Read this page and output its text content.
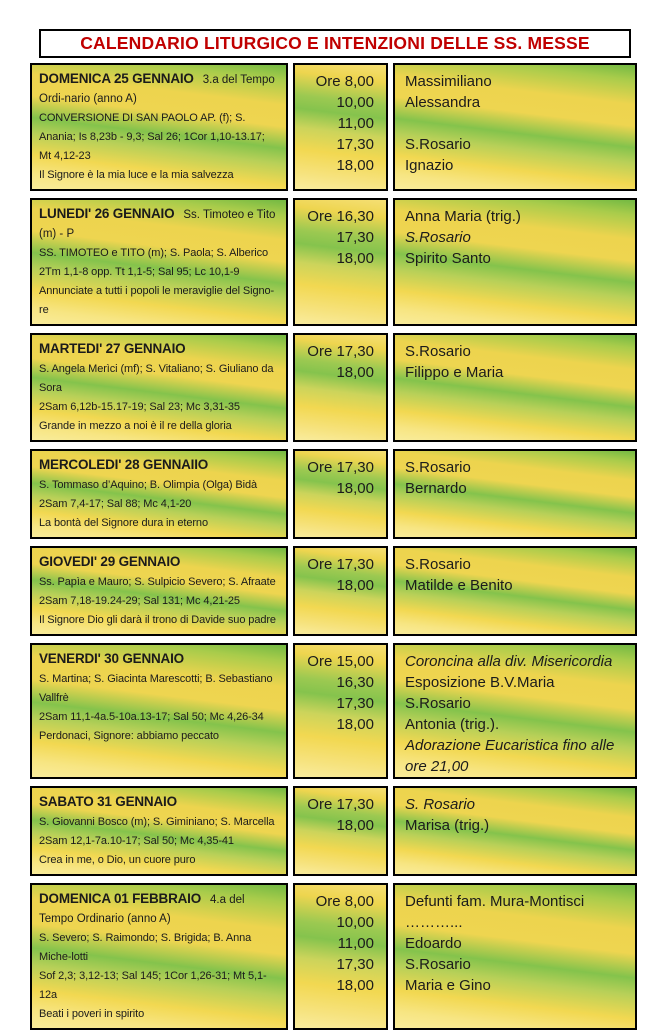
CALENDARIO LITURGICO E INTENZIONI DELLE SS. MESSE
DOMENICA 25 GENNAIO 3.a del Tempo Ordi-nario (anno A)
CONVERSIONE DI SAN PAOLO AP. (f); S. Anania; Is 8,23b - 9,3; Sal 26; 1Cor 1,10-13.17; Mt 4,12-23
Il Signore è la mia luce e la mia salvezza
Ore 8,00
10,00
11,00
17,30
18,00
Massimiliano
Alessandra
S.Rosario
Ignazio
LUNEDI' 26 GENNAIO Ss. Timoteo e Tito (m) - P
SS. TIMOTEO e TITO (m); S. Paola; S. Alberico
2Tm 1,1-8 opp. Tt 1,1-5; Sal 95; Lc 10,1-9
Annunciate a tutti i popoli le meraviglie del Signo-re
Ore 16,30
17,30
18,00
Anna Maria (trig.)
S.Rosario
Spirito Santo
MARTEDI' 27 GENNAIO
S. Angela Merìci (mf); S. Vitaliano; S. Giuliano da Sora
2Sam 6,12b-15.17-19; Sal 23; Mc 3,31-35
Grande in mezzo a noi è il re della gloria
Ore 17,30
18,00
S.Rosario
Filippo e Maria
MERCOLEDI' 28 GENNAIIO
S. Tommaso d’Aquino; B. Olimpia (Olga) Bidà
2Sam 7,4-17; Sal 88; Mc 4,1-20
La bontà del Signore dura in eterno
Ore 17,30
18,00
S.Rosario
Bernardo
GIOVEDI' 29 GENNAIO
Ss. Papìa e Mauro; S. Sulpicio Severo; S. Afraate
2Sam 7,18-19.24-29; Sal 131; Mc 4,21-25
Il Signore Dio gli darà il trono di Davide suo padre
Ore 17,30
18,00
S.Rosario
Matilde e Benito
VENERDI' 30 GENNAIO
S. Martina; S. Giacinta Marescotti; B. Sebastiano Vallfrè
2Sam 11,1-4a.5-10a.13-17; Sal 50; Mc 4,26-34
Perdonaci, Signore: abbiamo peccato
Ore 15,00
16,30
17,30
18,00
Coroncina alla div. Misericordia
Esposizione B.V.Maria
S.Rosario
Antonia (trig.).
Adorazione Eucaristica fino alle ore 21,00
SABATO 31 GENNAIO
S. Giovanni Bosco (m); S. Giminiano; S. Marcella
2Sam 12,1-7a.10-17; Sal 50; Mc 4,35-41
Crea in me, o Dio, un cuore puro
Ore 17,30
18,00
S. Rosario
Marisa (trig.)
DOMENICA 01 FEBBRAIO 4.a del Tempo Ordinario (anno A)
S. Severo; S. Raimondo; S. Brigida; B. Anna Miche-lotti
Sof 2,3; 3,12-13; Sal 145; 1Cor 1,26-31; Mt 5,1-12a
Beati i poveri in spirito
Ore 8,00
10,00
11,00
17,30
18,00
Defunti fam. Mura-Montisci
………...
Edoardo
S.Rosario
Maria e Gino
